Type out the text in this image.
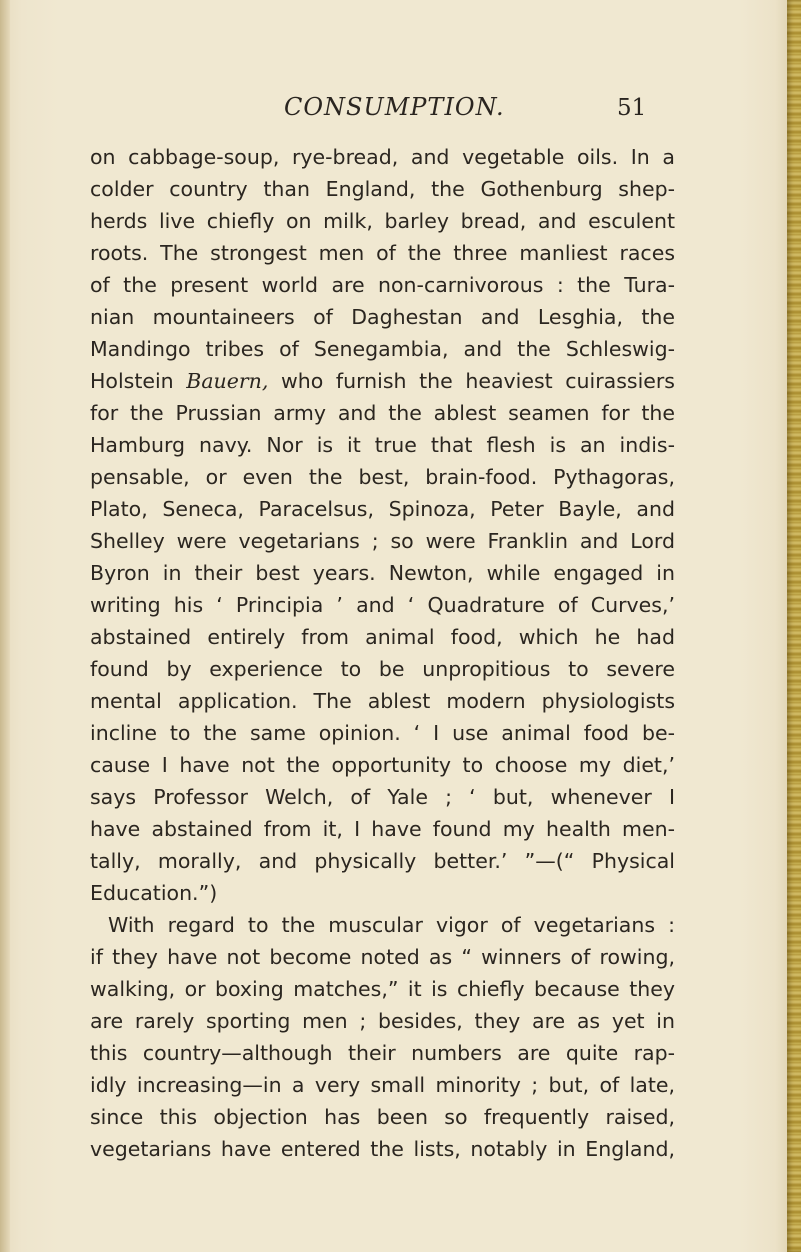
CONSUMPTION.	51
on cabbage-soup, rye-bread, and vegetable oils. In a
colder country than England, the Gothenburg shep-
herds live chiefly on milk, barley bread, and esculent
roots. The strongest men of the three manliest races
of the present world are non-carnivorous : the Tura-
nian mountaineers of Daghestan and Lesghia, the
Mandingo tribes of Senegambia, and the Schleswig-
Holstein Bauern, who furnish the heaviest cuirassiers
for the Prussian army and the ablest seamen for the
Hamburg navy. Nor is it true that flesh is an indis-
pensable, or even the best, brain-food. Pythagoras,
Plato, Seneca, Paracelsus, Spinoza, Peter Bayle, and
Shelley were vegetarians ; so were Franklin and Lord
Byron in their best years. Newton, while engaged in
writing his ‘ Principia ’ and ‘ Quadrature of Curves,’
abstained entirely from animal food, which he had
found by experience to be unpropitious to severe
mental application. The ablest modern physiologists
incline to the same opinion. ‘ I use animal food be-
cause I have not the opportunity to choose my diet,’
says Professor Welch, of Yale ; ‘ but, whenever I
have abstained from it, I have found my health men-
tally, morally, and physically better.’ ”—(“ Physical
Education.”)
With regard to the muscular vigor of vegetarians :
if they have not become noted as “ winners of rowing,
walking, or boxing matches,” it is chiefly because they
are rarely sporting men ; besides, they are as yet in
this country—although their numbers are quite rap-
idly increasing—in a very small minority ; but, of late,
since this objection has been so frequently raised,
vegetarians have entered the lists, notably in England,
